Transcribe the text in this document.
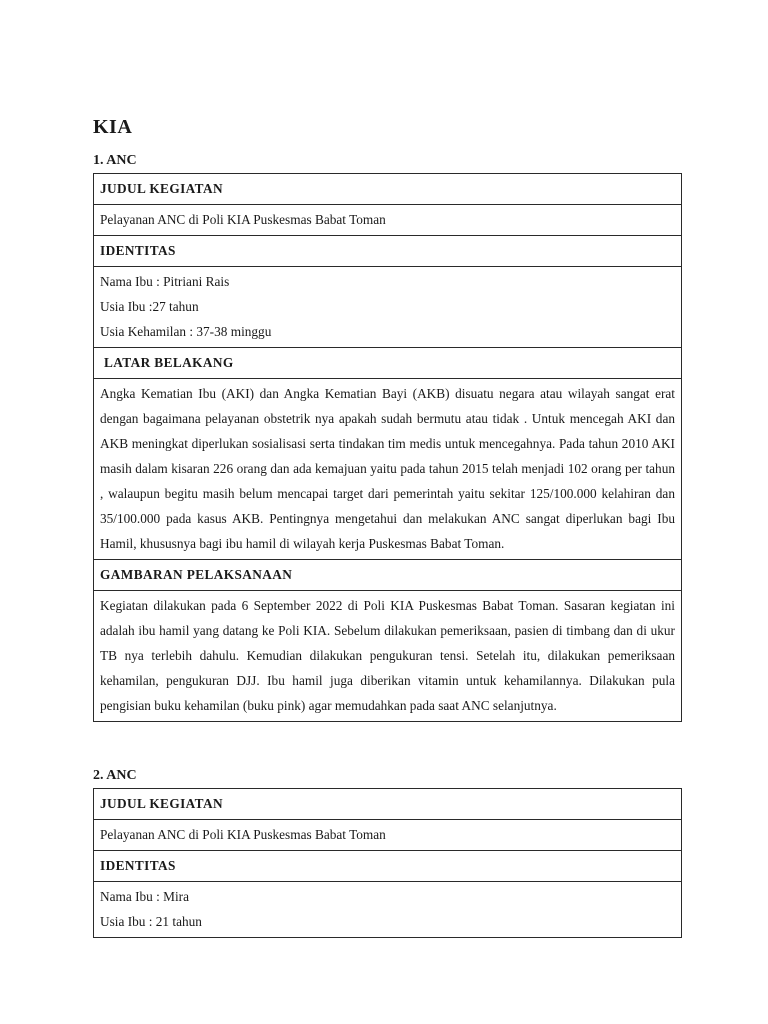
KIA
1. ANC
JUDUL KEGIATAN
Pelayanan ANC di Poli KIA Puskesmas Babat Toman
IDENTITAS

Nama Ibu : Pitriani Rais
Usia Ibu :27 tahun
Usia Kehamilan : 37-38 minggu

LATAR BELAKANG
Angka Kematian Ibu (AKI) dan Angka Kematian Bayi (AKB) disuatu negara atau wilayah sangat erat dengan bagaimana pelayanan obstetrik nya apakah sudah bermutu atau tidak . Untuk mencegah AKI dan AKB meningkat diperlukan sosialisasi serta tindakan tim medis untuk mencegahnya. Pada tahun 2010 AKI masih dalam kisaran 226 orang dan ada kemajuan yaitu pada tahun 2015 telah menjadi 102 orang per tahun , walaupun begitu masih belum mencapai target dari pemerintah yaitu sekitar 125/100.000 kelahiran dan 35/100.000 pada kasus AKB. Pentingnya mengetahui dan melakukan ANC sangat diperlukan bagi Ibu Hamil, khususnya bagi ibu hamil di wilayah kerja Puskesmas Babat Toman.
GAMBARAN PELAKSANAAN
Kegiatan dilakukan pada 6 September 2022 di Poli KIA Puskesmas Babat Toman. Sasaran kegiatan ini adalah ibu hamil yang datang ke Poli KIA. Sebelum dilakukan pemeriksaan, pasien di timbang dan di ukur TB nya terlebih dahulu. Kemudian dilakukan pengukuran tensi. Setelah itu, dilakukan pemeriksaan kehamilan, pengukuran DJJ. Ibu hamil juga diberikan vitamin untuk kehamilannya. Dilakukan pula pengisian buku kehamilan (buku pink) agar memudahkan pada saat ANC selanjutnya.
2. ANC
JUDUL KEGIATAN
Pelayanan ANC di Poli KIA Puskesmas Babat Toman
IDENTITAS

Nama Ibu : Mira
Usia Ibu : 21 tahun
